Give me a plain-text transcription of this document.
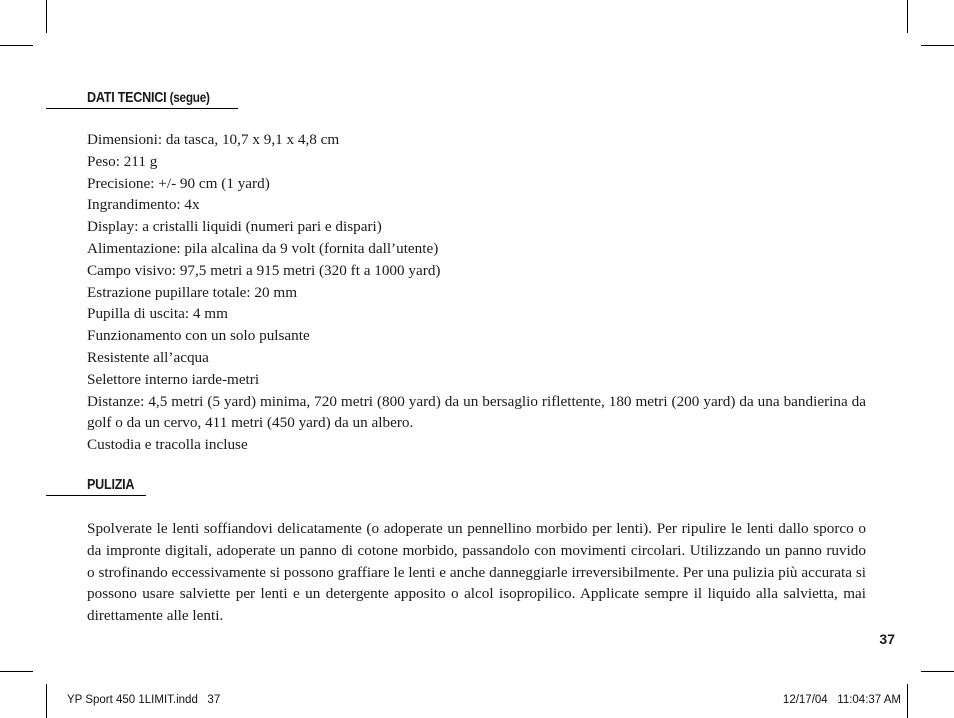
DATI TECNICI (segue)
Dimensioni: da tasca, 10,7 x 9,1 x 4,8 cm
Peso: 211 g
Precisione: +/- 90 cm (1 yard)
Ingrandimento: 4x
Display: a cristalli liquidi (numeri pari e dispari)
Alimentazione: pila alcalina da 9 volt (fornita dall’utente)
Campo visivo: 97,5 metri a 915 metri (320 ft a 1000 yard)
Estrazione pupillare totale: 20 mm
Pupilla di uscita: 4 mm
Funzionamento con un solo pulsante
Resistente all’acqua
Selettore interno iarde-metri
Distanze: 4,5 metri (5 yard) minima, 720 metri (800 yard) da un bersaglio riflettente, 180 metri (200 yard) da una bandierina da golf o da un cervo, 411 metri (450 yard) da un albero.
Custodia e tracolla incluse
PULIZIA

Spolverate le lenti soffiandovi delicatamente (o adoperate un pennellino morbido per lenti). Per ripulire le lenti dallo sporco o da impronte digitali, adoperate un panno di cotone morbido, passandolo con movimenti circolari. Utilizzando un panno ruvido o strofinando eccessivamente si possono graffiare le lenti e anche danneggiarle irreversibilmente. Per una pulizia più accurata si possono usare salviette per lenti e un detergente apposito o alcol isopropilico. Applicate sempre il liquido alla salvietta, mai direttamente alle lenti.

37
YP Sport 450 1LIMIT.indd   37	12/17/04   11:04:37 AM
